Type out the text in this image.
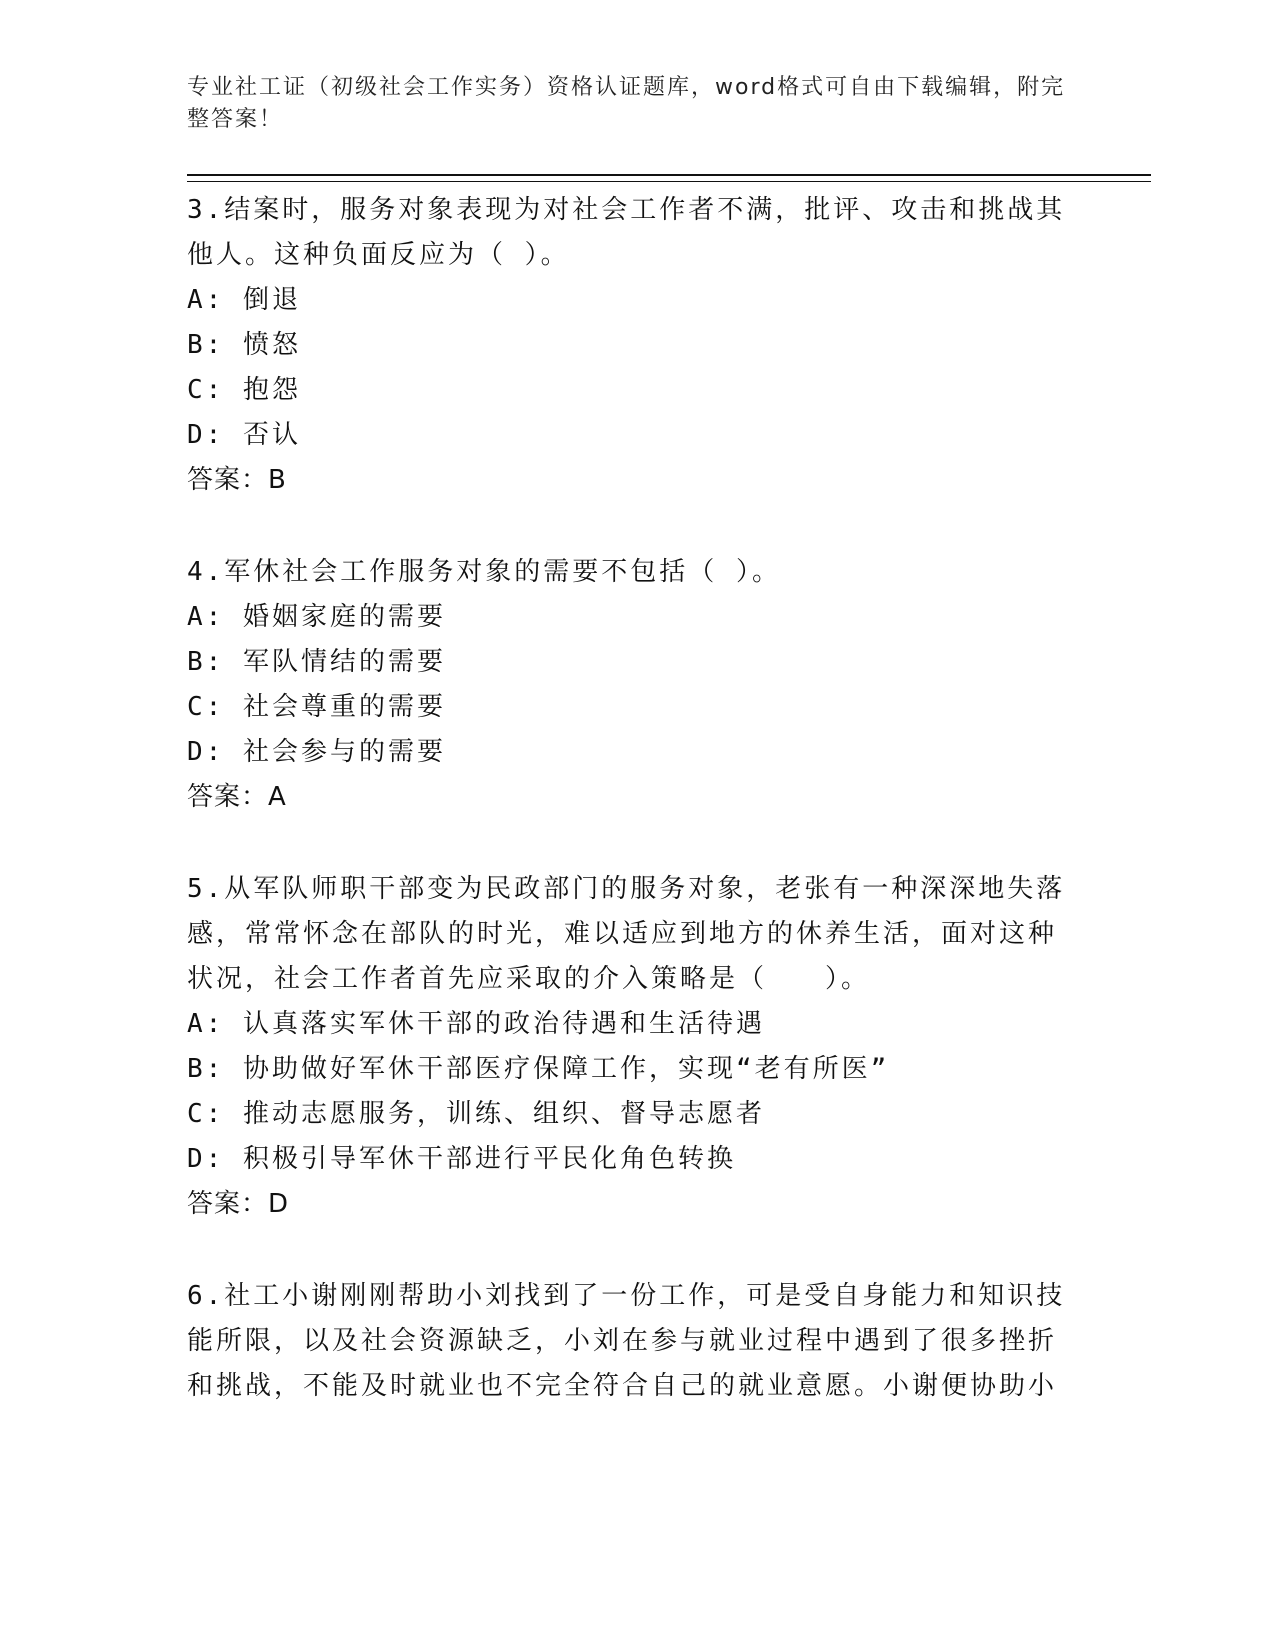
专业社工证（初级社会工作实务）资格认证题库，word格式可自由下载编辑，附完整答案！

3.结案时，服务对象表现为对社会工作者不满，批评、攻击和挑战其他人。这种负面反应为（ ）。

A: 倒退

B: 愤怒

C: 抱怨

D: 否认

答案：B

4.军休社会工作服务对象的需要不包括（ ）。

A: 婚姻家庭的需要

B: 军队情结的需要

C: 社会尊重的需要

D: 社会参与的需要

答案：A

5.从军队师职干部变为民政部门的服务对象，老张有一种深深地失落感，常常怀念在部队的时光，难以适应到地方的休养生活，面对这种状况，社会工作者首先应采取的介入策略是（　　）。

A: 认真落实军休干部的政治待遇和生活待遇

B: 协助做好军休干部医疗保障工作，实现“老有所医”

C: 推动志愿服务，训练、组织、督导志愿者

D: 积极引导军休干部进行平民化角色转换

答案：D

6.社工小谢刚刚帮助小刘找到了一份工作，可是受自身能力和知识技能所限，以及社会资源缺乏，小刘在参与就业过程中遇到了很多挫折和挑战，不能及时就业也不完全符合自己的就业意愿。小谢便协助小
